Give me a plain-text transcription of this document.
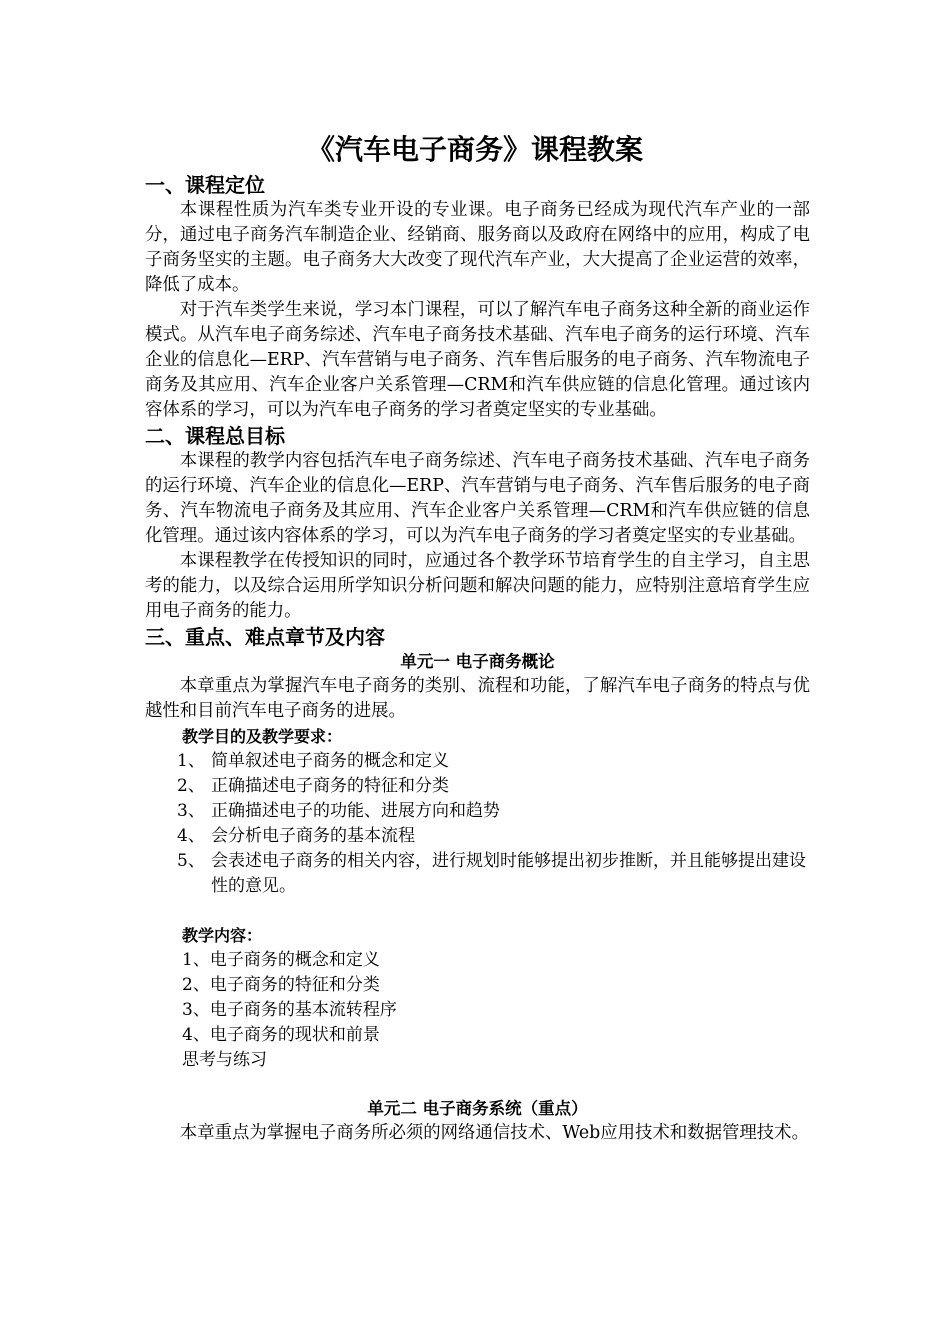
《汽车电子商务》课程教案
一、课程定位

本课程性质为汽车类专业开设的专业课。电子商务已经成为现代汽车产业的一部分，通过电子商务汽车制造企业、经销商、服务商以及政府在网络中的应用，构成了电子商务坚实的主题。电子商务大大改变了现代汽车产业，大大提高了企业运营的效率，降低了成本。

对于汽车类学生来说，学习本门课程，可以了解汽车电子商务这种全新的商业运作模式。从汽车电子商务综述、汽车电子商务技术基础、汽车电子商务的运行环境、汽车企业的信息化—ERP、汽车营销与电子商务、汽车售后服务的电子商务、汽车物流电子商务及其应用、汽车企业客户关系管理—CRM和汽车供应链的信息化管理。通过该内容体系的学习，可以为汽车电子商务的学习者奠定坚实的专业基础。

二、课程总目标

本课程的教学内容包括汽车电子商务综述、汽车电子商务技术基础、汽车电子商务的运行环境、汽车企业的信息化—ERP、汽车营销与电子商务、汽车售后服务的电子商务、汽车物流电子商务及其应用、汽车企业客户关系管理—CRM和汽车供应链的信息化管理。通过该内容体系的学习，可以为汽车电子商务的学习者奠定坚实的专业基础。

本课程教学在传授知识的同时，应通过各个教学环节培育学生的自主学习，自主思考的能力，以及综合运用所学知识分析问题和解决问题的能力，应特别注意培育学生应用电子商务的能力。

三、重点、难点章节及内容
单元一 电子商务概论

本章重点为掌握汽车电子商务的类别、流程和功能，了解汽车电子商务的特点与优越性和目前汽车电子商务的进展。

教学目的及教学要求：

1、 简单叙述电子商务的概念和定义
2、 正确描述电子商务的特征和分类
3、 正确描述电子的功能、进展方向和趋势
4、 会分析电子商务的基本流程
5、 会表述电子商务的相关内容，进行规划时能够提出初步推断，并且能够提出建设性的意见。

教学内容：

1、电子商务的概念和定义
2、电子商务的特征和分类
3、电子商务的基本流转程序
4、电子商务的现状和前景
思考与练习
单元二 电子商务系统（重点）

本章重点为掌握电子商务所必须的网络通信技术、Web应用技术和数据管理技术。
